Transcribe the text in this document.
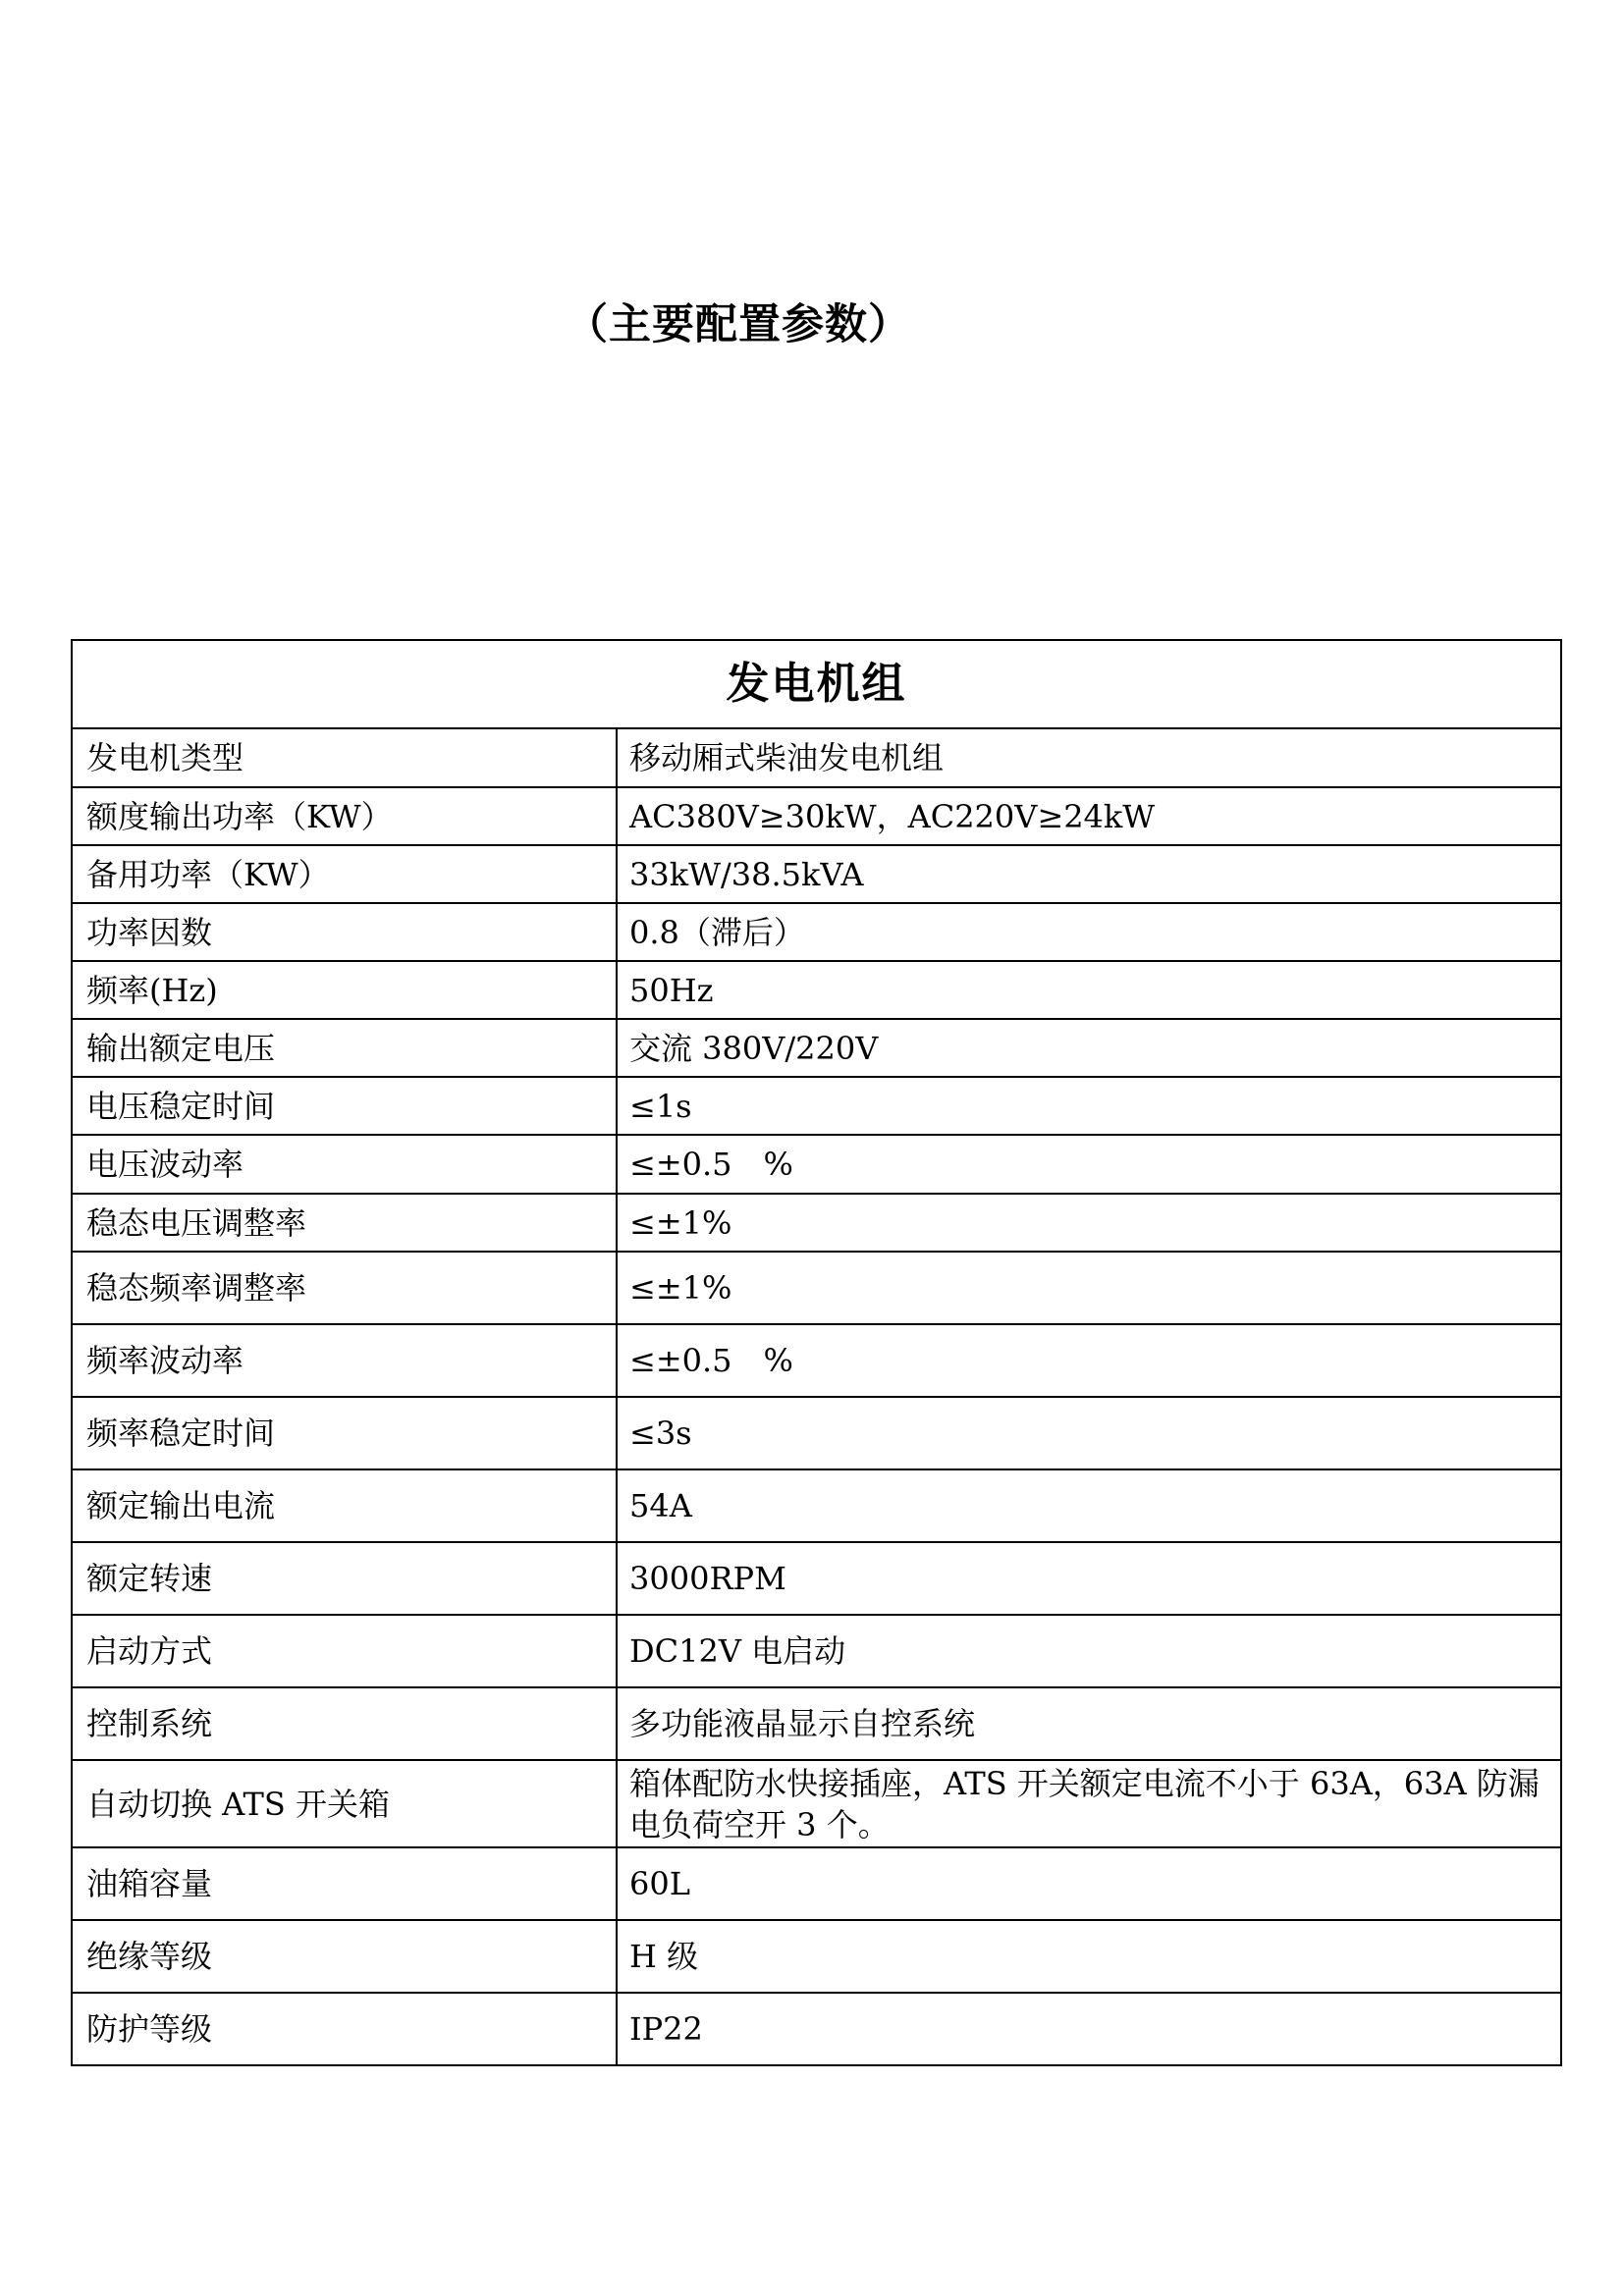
（主要配置参数）
发电机组	
发电机类型	移动厢式柴油发电机组
额度输出功率（KW）	AC380V≥30kW，AC220V≥24kW
备用功率（KW）	33kW/38.5kVA
功率因数	0.8（滞后）
频率(Hz)	50Hz
输出额定电压	交流 380V/220V
电压稳定时间	≤1s
电压波动率	≤±0.5　%
稳态电压调整率	≤±1%
稳态频率调整率	≤±1%
频率波动率	≤±0.5　%
频率稳定时间	≤3s
额定输出电流	54A
额定转速	3000RPM
启动方式	DC12V 电启动
控制系统	多功能液晶显示自控系统
自动切换 ATS 开关箱	箱体配防水快接插座，ATS 开关额定电流不小于 63A，63A 防漏电负荷空开 3 个。
油箱容量	60L
绝缘等级	H 级
防护等级	IP22
